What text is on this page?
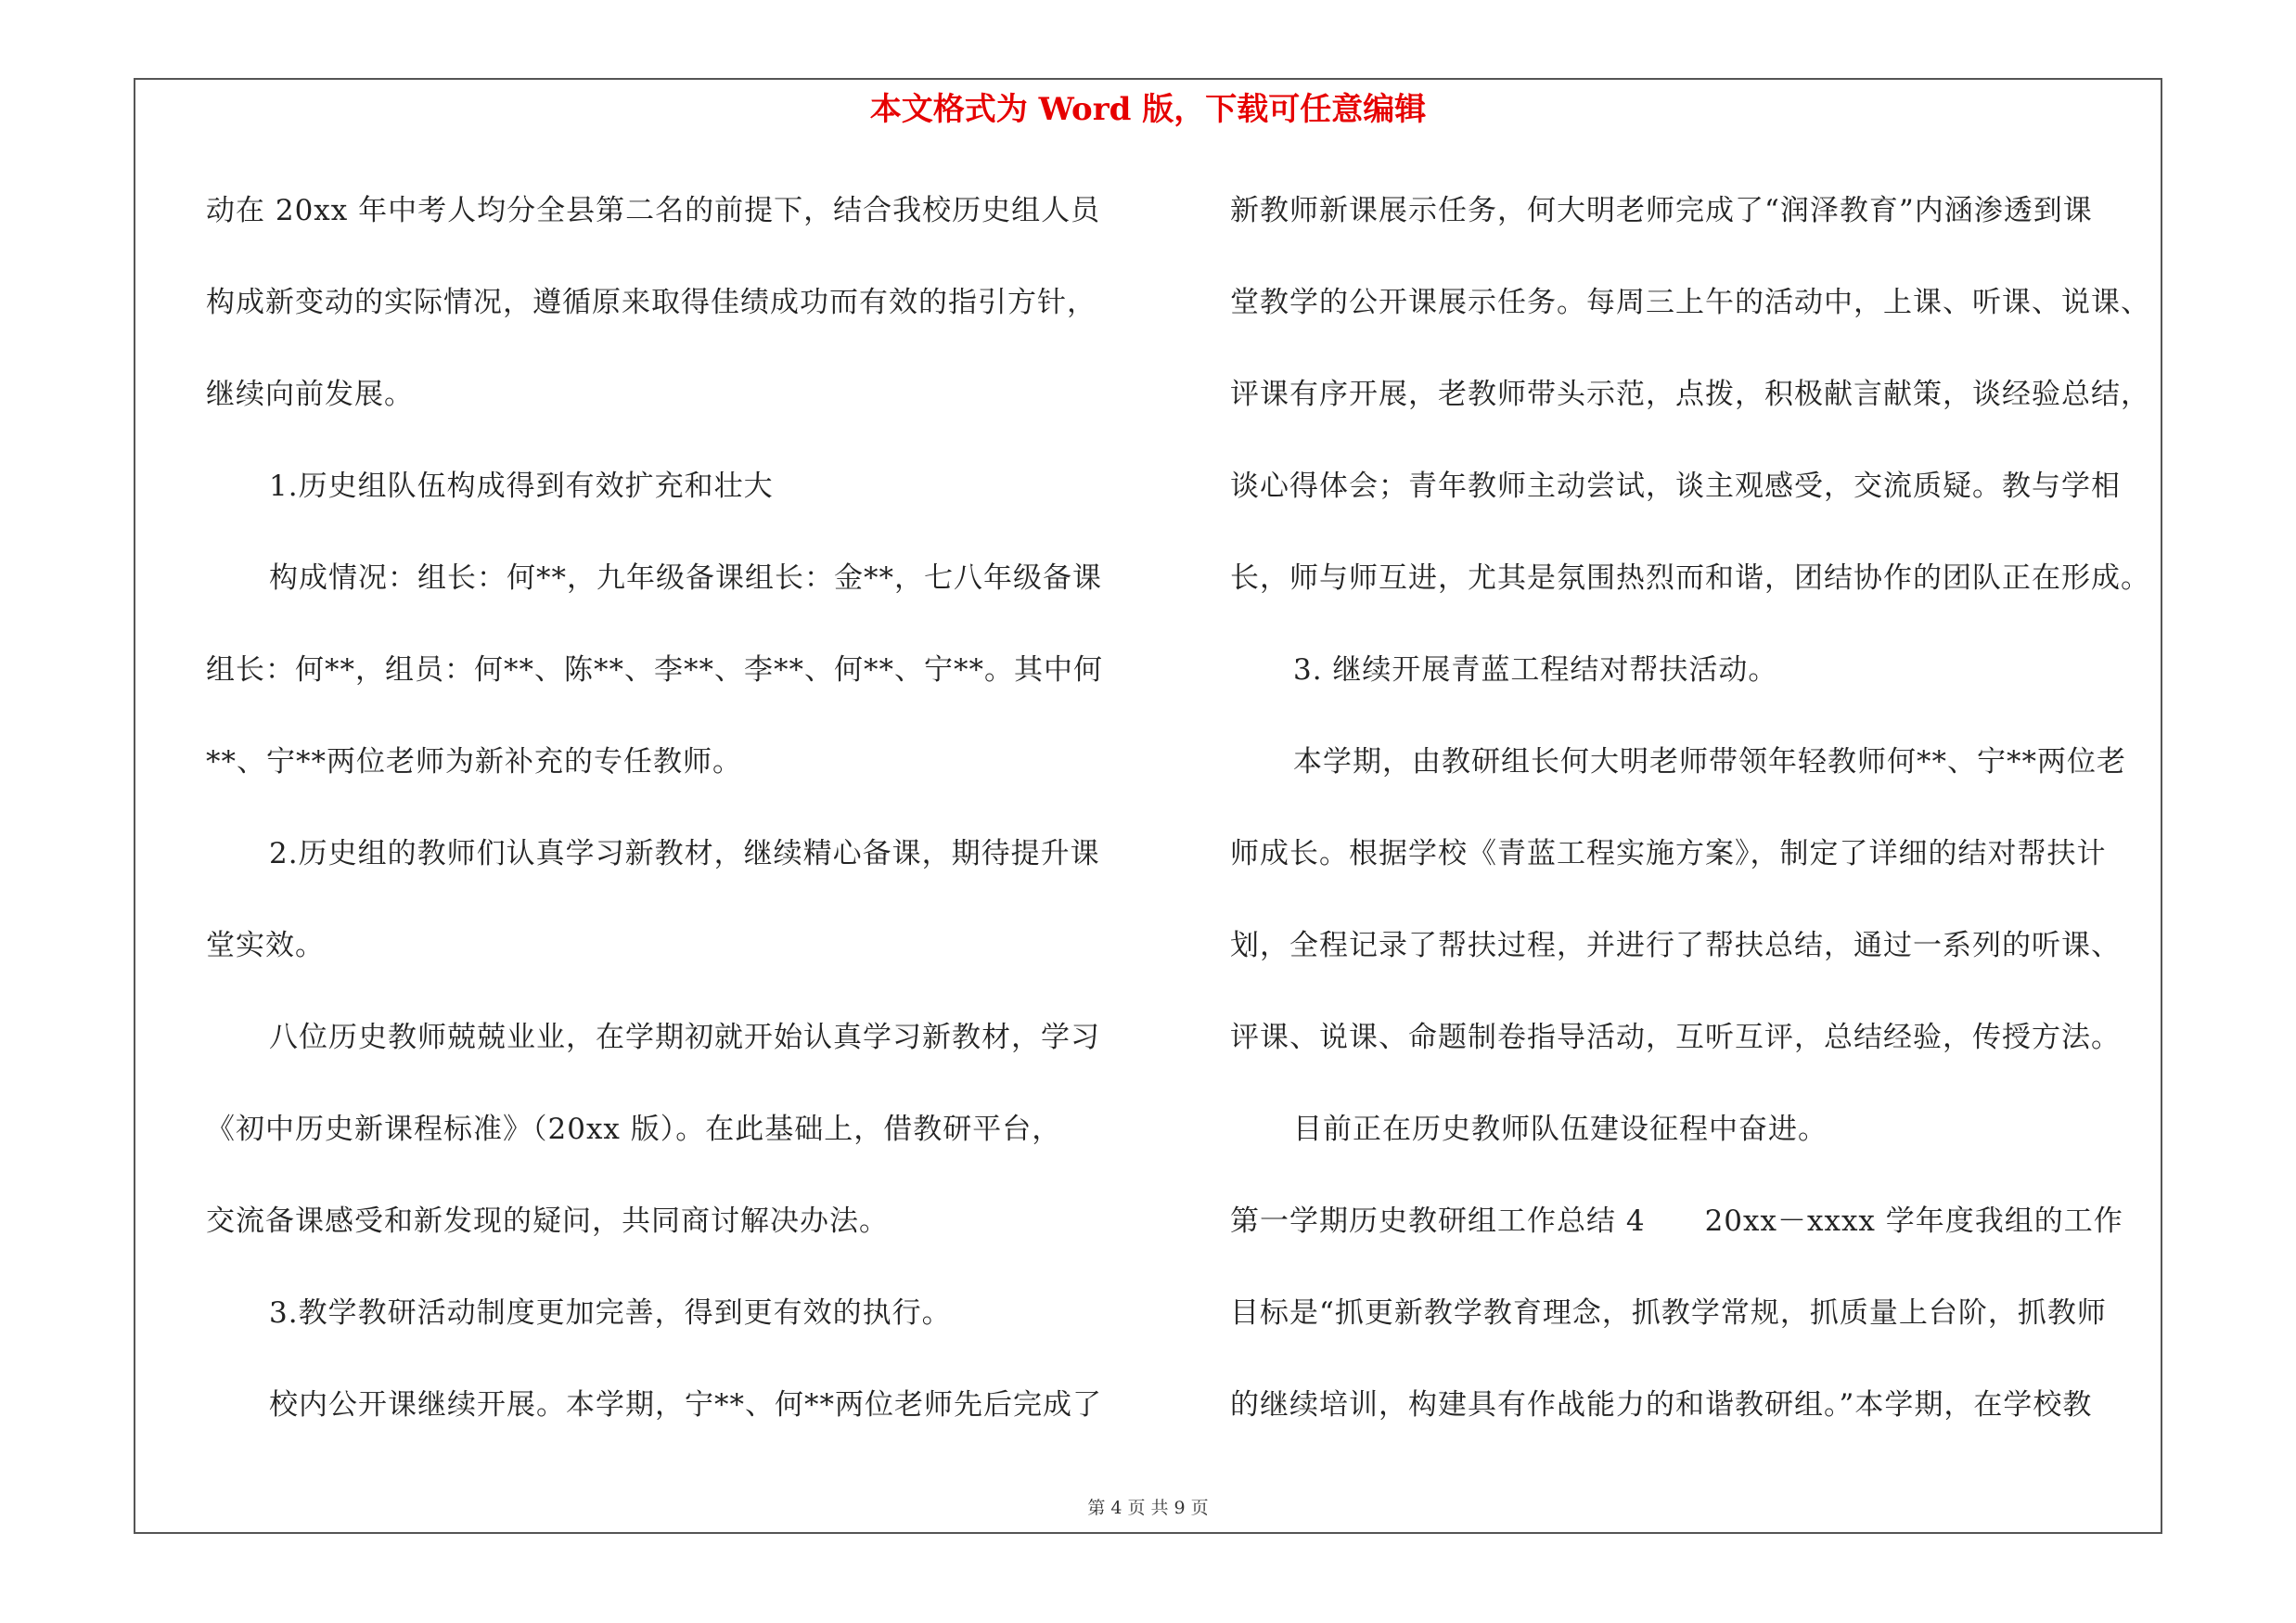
本文格式为 Word 版，下载可任意编辑
动在 20xx 年中考人均分全县第二名的前提下，结合我校历史组人员
构成新变动的实际情况，遵循原来取得佳绩成功而有效的指引方针，
继续向前发展。
1.历史组队伍构成得到有效扩充和壮大
构成情况：组长：何**，九年级备课组长：金**，七八年级备课
组长：何**，组员：何**、陈**、李**、李**、何**、宁**。其中何
**、宁**两位老师为新补充的专任教师。
2.历史组的教师们认真学习新教材，继续精心备课，期待提升课
堂实效。
八位历史教师兢兢业业，在学期初就开始认真学习新教材，学习
《初中历史新课程标准》（20xx 版）。在此基础上，借教研平台，
交流备课感受和新发现的疑问，共同商讨解决办法。
3.教学教研活动制度更加完善，得到更有效的执行。
校内公开课继续开展。本学期，宁**、何**两位老师先后完成了
新教师新课展示任务，何大明老师完成了“润泽教育”内涵渗透到课
堂教学的公开课展示任务。每周三上午的活动中，上课、听课、说课、
评课有序开展，老教师带头示范，点拨，积极献言献策，谈经验总结，
谈心得体会；青年教师主动尝试，谈主观感受，交流质疑。教与学相
长，师与师互进，尤其是氛围热烈而和谐，团结协作的团队正在形成。
3. 继续开展青蓝工程结对帮扶活动。
本学期，由教研组长何大明老师带领年轻教师何**、宁**两位老
师成长。根据学校《青蓝工程实施方案》，制定了详细的结对帮扶计
划，全程记录了帮扶过程，并进行了帮扶总结，通过一系列的听课、
评课、说课、命题制卷指导活动，互听互评，总结经验，传授方法。
目前正在历史教师队伍建设征程中奋进。
第一学期历史教研组工作总结 4　　20xx－xxxx 学年度我组的工作
目标是“抓更新教学教育理念，抓教学常规，抓质量上台阶，抓教师
的继续培训，构建具有作战能力的和谐教研组。”本学期，在学校教
第 4 页 共 9 页
